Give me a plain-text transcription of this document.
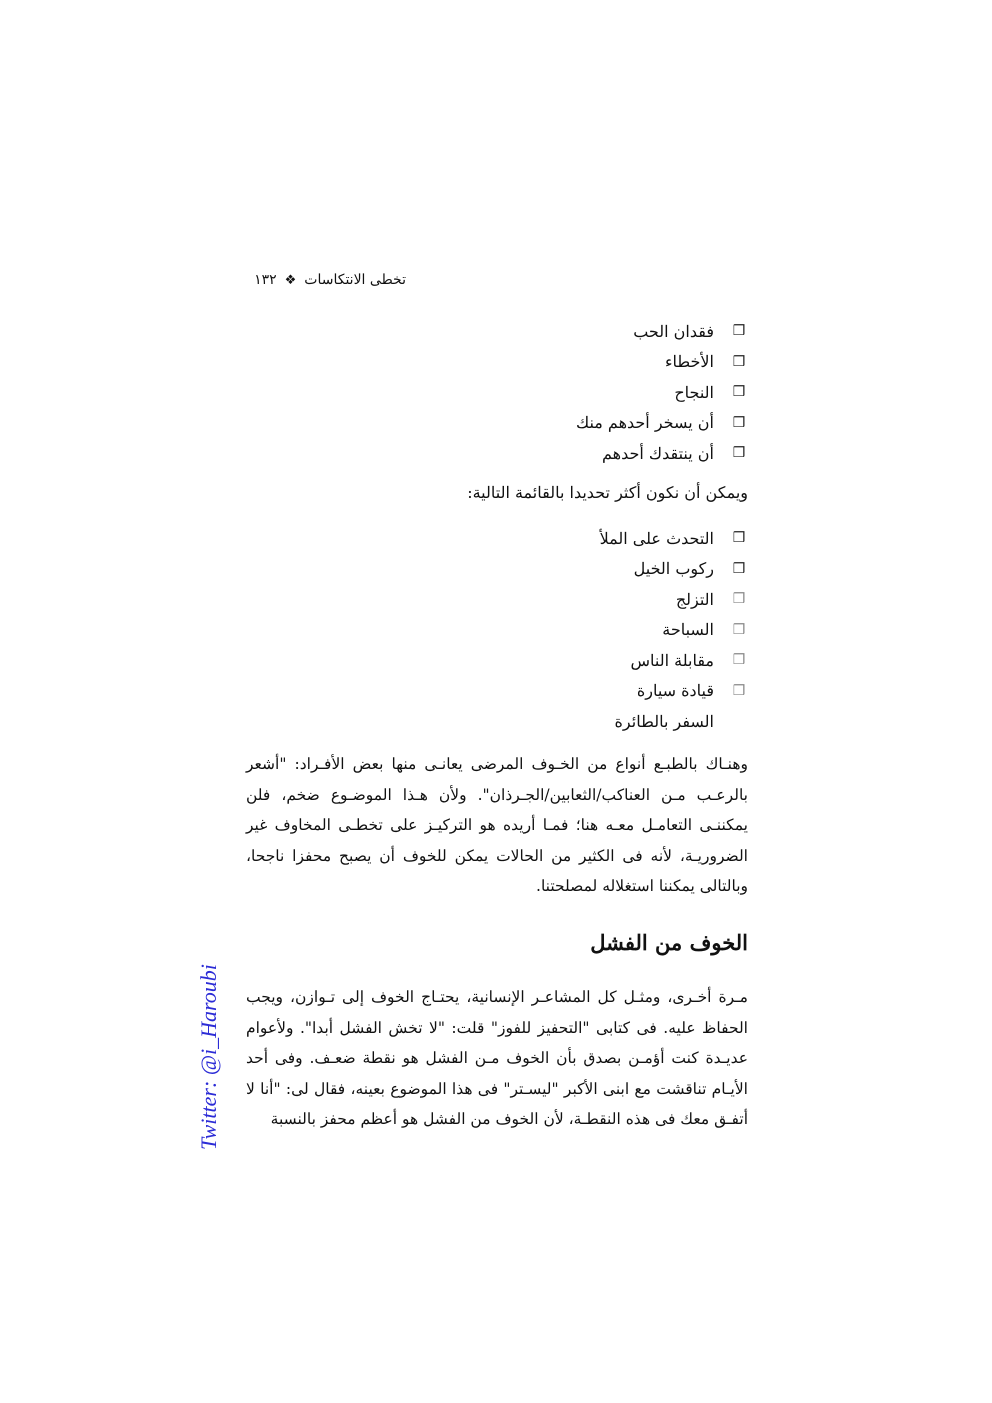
تخطى الانتكاسات❖١٣٢
❒
فقدان الحب
❒
الأخطاء
❒
النجاح
❒
أن يسخر أحدهم منك
❒
أن ينتقدك أحدهم

ويمكن أن نكون أكثر تحديدا بالقائمة التالية:

❒
التحدث على الملأ
❒
ركوب الخيل
❒
التزلج
❒
السباحة
❒
مقابلة الناس
❒
قيادة سيارة
السفر بالطائرة

وهنـاك بالطبـع أنواع من الخـوف المرضى يعانـى منها بعض الأفـراد: "أشعر بالرعـب مـن العناكب/الثعابين/الجـرذان". ولأن هـذا الموضـوع ضخم، فلن يمكننـى التعامـل معـه هنا؛ فمـا أريده هو التركيـز على تخطـى المخاوف غير الضروريـة، لأنه فى الكثير من الحالات يمكن للخوف أن يصبح محفزا ناجحا، وبالتالى يمكننا استغلاله لمصلحتنا.

الخوف من الفشل

مـرة أخـرى، ومثـل كل المشاعـر الإنسانية، يحتـاج الخوف إلى تـوازن، ويجب الحفاظ عليه. فى كتابى "التحفيز للفوز" قلت: "لا تخش الفشل أبدا". ولأعوام عديـدة كنت أؤمـن بصدق بأن الخوف مـن الفشل هو نقطة ضعـف. وفى أحد الأيـام تناقشت مع ابنى الأكبر "ليسـتر" فى هذا الموضوع بعينه، فقال لى: "أنا لا أتفـق معك فى هذه النقطـة، لأن الخوف من الفشل هو أعظم محفز بالنسبة

Twitter: @i_Haroubi
